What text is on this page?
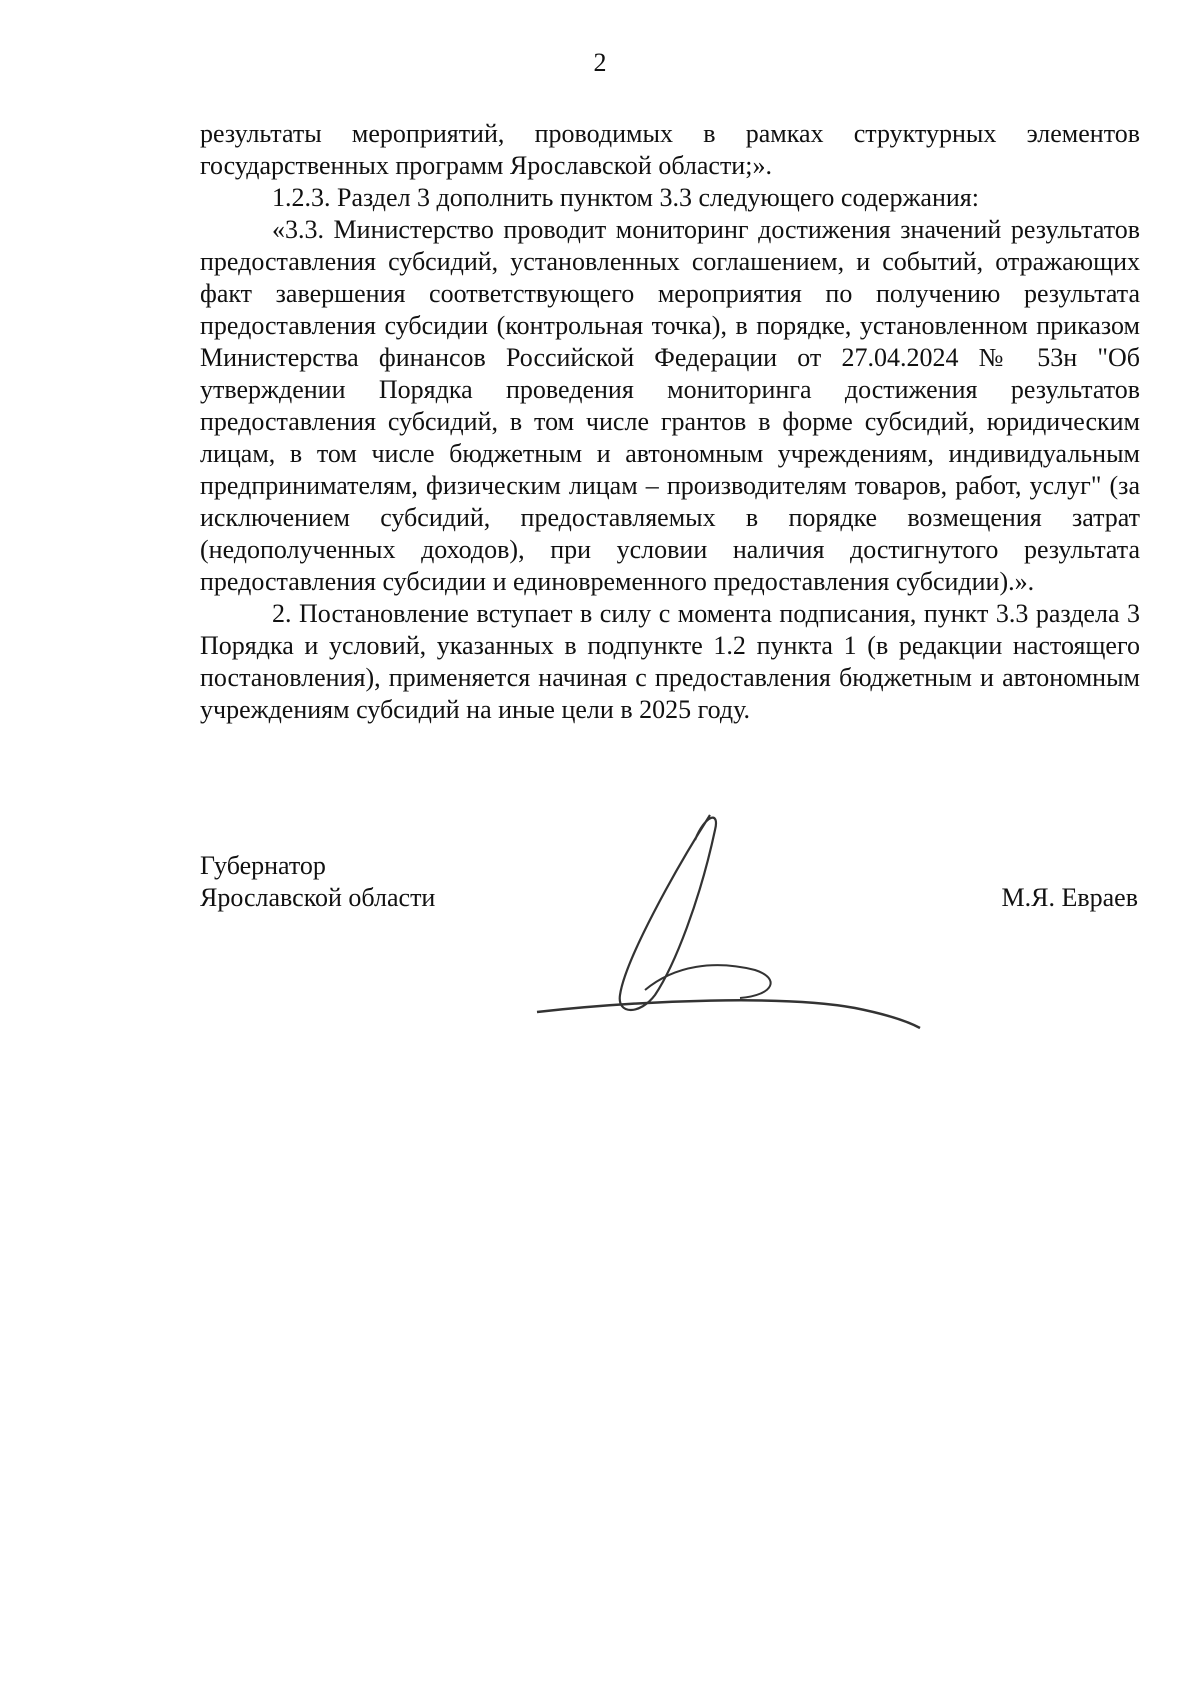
2

результаты мероприятий, проводимых в рамках структурных элементов государственных программ Ярославской области;».

1.2.3. Раздел 3 дополнить пунктом 3.3 следующего содержания:

«3.3. Министерство проводит мониторинг достижения значений результатов предоставления субсидий, установленных соглашением, и событий, отражающих факт завершения соответствующего мероприятия по получению результата предоставления субсидии (контрольная точка), в порядке, установленном приказом Министерства финансов Российской Федерации от 27.04.2024 № 53н "Об утверждении Порядка проведения мониторинга достижения результатов предоставления субсидий, в том числе грантов в форме субсидий, юридическим лицам, в том числе бюджетным и автономным учреждениям, индивидуальным предпринимателям, физическим лицам – производителям товаров, работ, услуг" (за исключением субсидий, предоставляемых в порядке возмещения затрат (недополученных доходов), при условии наличия достигнутого результата предоставления субсидии и единовременного предоставления субсидии).».

2. Постановление вступает в силу с момента подписания, пункт 3.3 раздела 3 Порядка и условий, указанных в подпункте 1.2 пункта 1 (в редакции настоящего постановления), применяется начиная с предоставления бюджетным и автономным учреждениям субсидий на иные цели в 2025 году.

Губернатор
Ярославской области	М.Я. Евраев
